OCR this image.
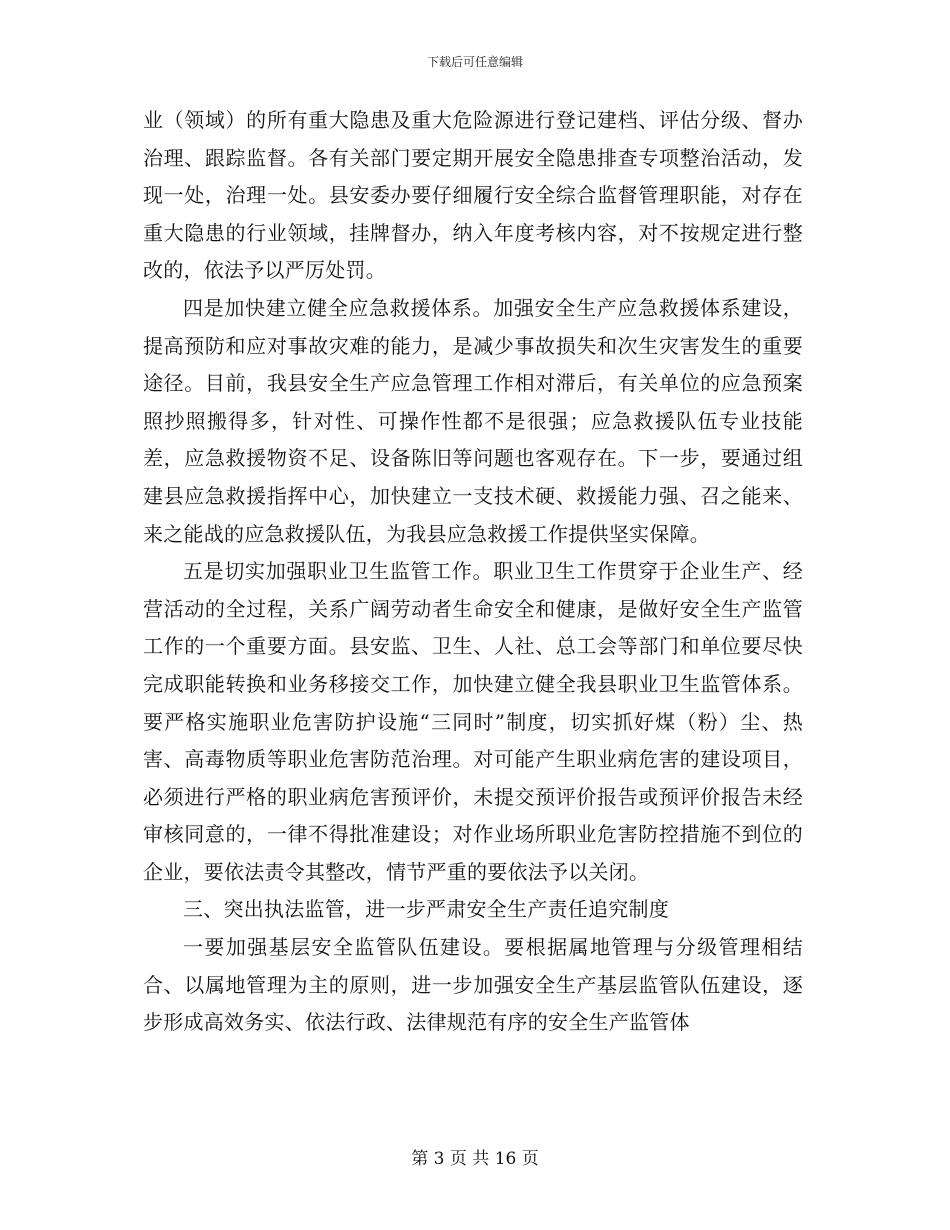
下载后可任意编辑

业（领域）的所有重大隐患及重大危险源进行登记建档、评估分级、督办治理、跟踪监督。各有关部门要定期开展安全隐患排查专项整治活动，发现一处，治理一处。县安委办要仔细履行安全综合监督管理职能，对存在重大隐患的行业领域，挂牌督办，纳入年度考核内容，对不按规定进行整改的，依法予以严厉处罚。

四是加快建立健全应急救援体系。加强安全生产应急救援体系建设，提高预防和应对事故灾难的能力，是减少事故损失和次生灾害发生的重要途径。目前，我县安全生产应急管理工作相对滞后，有关单位的应急预案照抄照搬得多，针对性、可操作性都不是很强；应急救援队伍专业技能差，应急救援物资不足、设备陈旧等问题也客观存在。下一步，要通过组建县应急救援指挥中心，加快建立一支技术硬、救援能力强、召之能来、来之能战的应急救援队伍，为我县应急救援工作提供坚实保障。

五是切实加强职业卫生监管工作。职业卫生工作贯穿于企业生产、经营活动的全过程，关系广阔劳动者生命安全和健康，是做好安全生产监管工作的一个重要方面。县安监、卫生、人社、总工会等部门和单位要尽快完成职能转换和业务移接交工作，加快建立健全我县职业卫生监管体系。要严格实施职业危害防护设施“三同时”制度，切实抓好煤（粉）尘、热害、高毒物质等职业危害防范治理。对可能产生职业病危害的建设项目，必须进行严格的职业病危害预评价，未提交预评价报告或预评价报告未经审核同意的，一律不得批准建设；对作业场所职业危害防控措施不到位的企业，要依法责令其整改，情节严重的要依法予以关闭。

三、突出执法监管，进一步严肃安全生产责任追究制度

一要加强基层安全监管队伍建设。要根据属地管理与分级管理相结合、以属地管理为主的原则，进一步加强安全生产基层监管队伍建设，逐步形成高效务实、依法行政、法律规范有序的安全生产监管体

第 3 页 共 16 页
